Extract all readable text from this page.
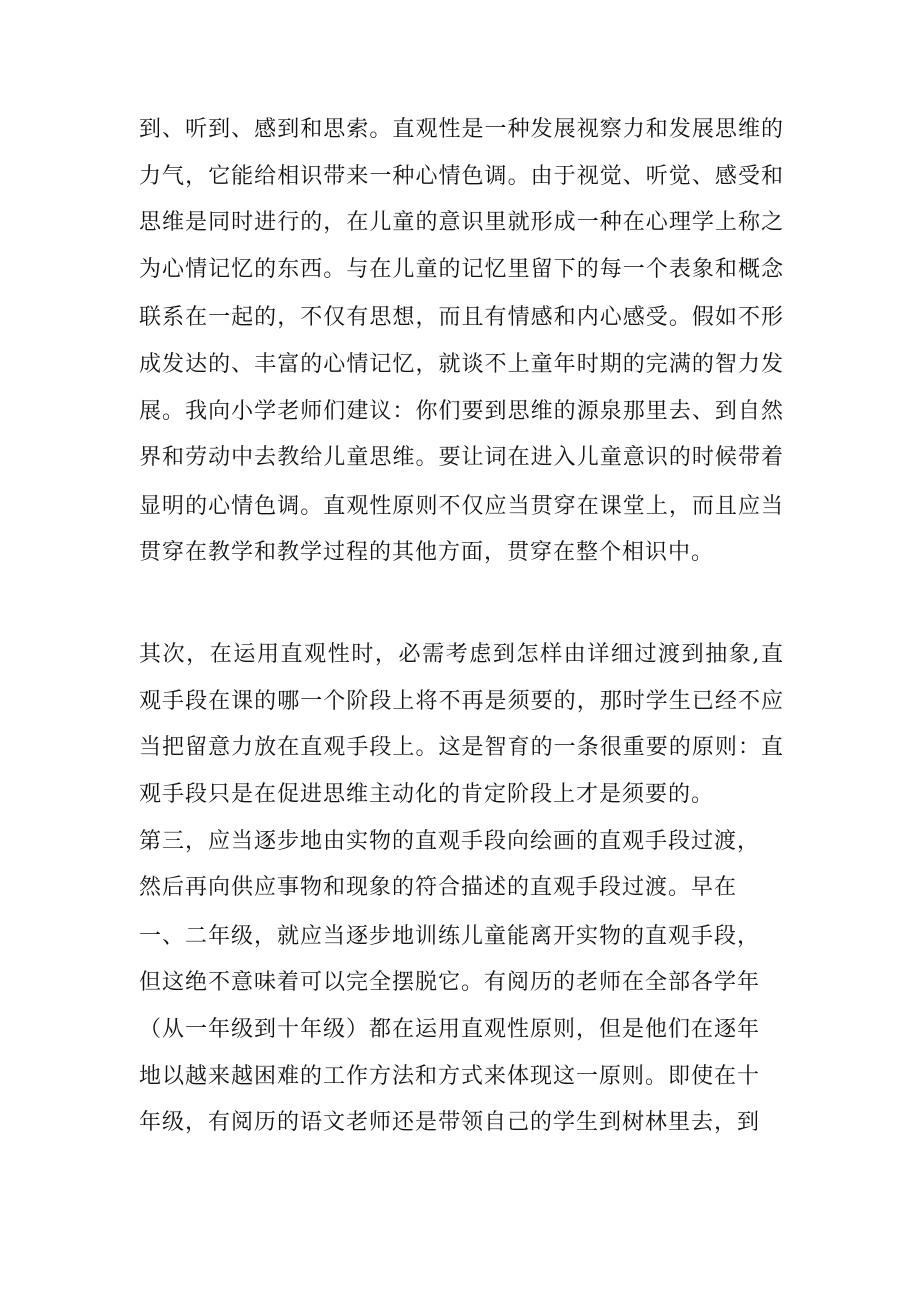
到、听到、感到和思索。直观性是一种发展视察力和发展思维的
力气，它能给相识带来一种心情色调。由于视觉、听觉、感受和
思维是同时进行的，在儿童的意识里就形成一种在心理学上称之
为心情记忆的东西。与在儿童的记忆里留下的每一个表象和概念
联系在一起的，不仅有思想，而且有情感和内心感受。假如不形
成发达的、丰富的心情记忆，就谈不上童年时期的完满的智力发
展。我向小学老师们建议：你们要到思维的源泉那里去、到自然
界和劳动中去教给儿童思维。要让词在进入儿童意识的时候带着
显明的心情色调。直观性原则不仅应当贯穿在课堂上，而且应当
贯穿在教学和教学过程的其他方面，贯穿在整个相识中。
其次，在运用直观性时，必需考虑到怎样由详细过渡到抽象,直
观手段在课的哪一个阶段上将不再是须要的，那时学生已经不应
当把留意力放在直观手段上。这是智育的一条很重要的原则：直
观手段只是在促进思维主动化的肯定阶段上才是须要的。
第三，应当逐步地由实物的直观手段向绘画的直观手段过渡，
然后再向供应事物和现象的符合描述的直观手段过渡。早在
一、二年级，就应当逐步地训练儿童能离开实物的直观手段，
但这绝不意味着可以完全摆脱它。有阅历的老师在全部各学年
（从一年级到十年级）都在运用直观性原则，但是他们在逐年
地以越来越困难的工作方法和方式来体现这一原则。即使在十
年级，有阅历的语文老师还是带领自己的学生到树林里去，到
